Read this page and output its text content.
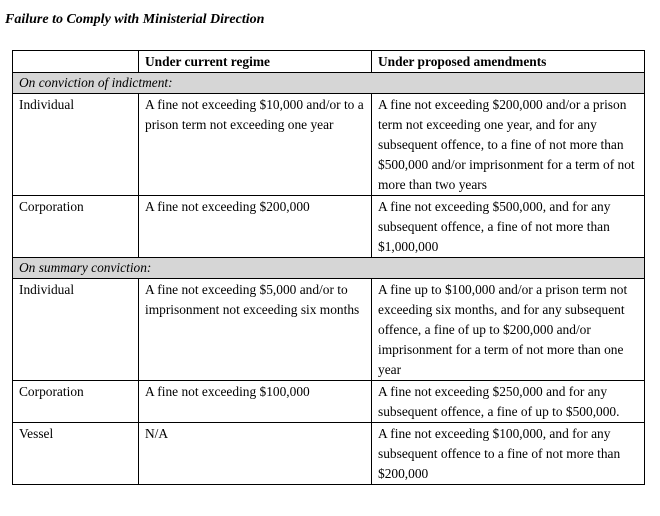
Failure to Comply with Ministerial Direction
	Under current regime	Under proposed amendments
On conviction of indictment:		
Individual	A fine not exceeding $10,000 and/or to a prison term not exceeding one year	A fine not exceeding $200,000 and/or a prison term not exceeding one year, and for any subsequent offence, to a fine of not more than $500,000 and/or imprisonment for a term of not more than two years
Corporation	A fine not exceeding $200,000	A fine not exceeding $500,000, and for any subsequent offence, a fine of not more than $1,000,000
On summary conviction:		
Individual	A fine not exceeding $5,000 and/or to imprisonment not exceeding six months	A fine up to $100,000 and/or a prison term not exceeding six months, and for any subsequent offence, a fine of up to $200,000 and/or imprisonment for a term of not more than one year
Corporation	A fine not exceeding $100,000	A fine not exceeding $250,000 and for any subsequent offence, a fine of up to $500,000.
Vessel	N/A	A fine not exceeding $100,000, and for any subsequent offence to a fine of not more than $200,000
